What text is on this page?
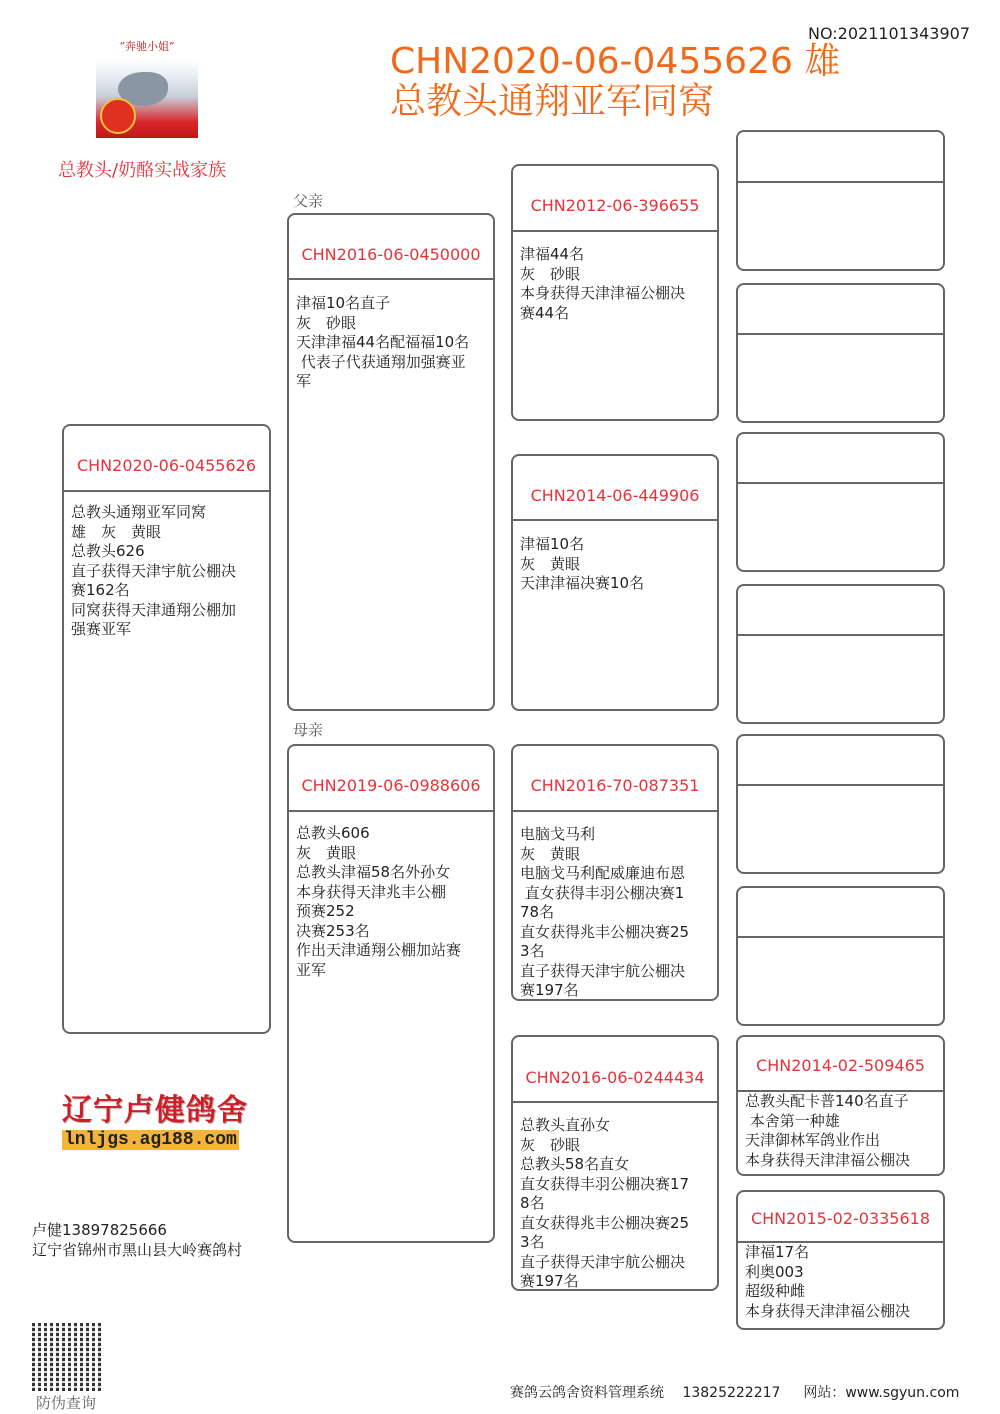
NO:2021101343907
CHN2020-06-0455626 雄
总教头通翔亚军同窝
“奔驰小姐”
总教头/奶酪实战家族
父亲
母亲
CHN2020-06-0455626
总教头通翔亚军同窝
雄　灰　黄眼
总教头626
直子获得天津宇航公棚决
赛162名
同窝获得天津通翔公棚加
强赛亚军
CHN2016-06-0450000
津福10名直子
灰　砂眼
天津津福44名配福福10名
代表子代获通翔加强赛亚
军
CHN2019-06-0988606
总教头606
灰　黄眼
总教头津福58名外孙女
本身获得天津兆丰公棚
预赛252
决赛253名
作出天津通翔公棚加站赛
亚军
CHN2012-06-396655
津福44名
灰　砂眼
本身获得天津津福公棚决
赛44名
CHN2014-06-449906
津福10名
灰　黄眼
天津津福决赛10名
CHN2016-70-087351
电脑戈马利
灰　黄眼
电脑戈马利配威廉迪布恩
直女获得丰羽公棚决赛1
78名
直女获得兆丰公棚决赛25
3名
直子获得天津宇航公棚决
赛197名
CHN2016-06-0244434
总教头直孙女
灰　砂眼
总教头58名直女
直女获得丰羽公棚决赛17
8名
直女获得兆丰公棚决赛25
3名
直子获得天津宇航公棚决
赛197名
CHN2014-02-509465
总教头配卡普140名直子
本舍第一种雄
天津御林军鸽业作出
本身获得天津津福公棚决
CHN2015-02-0335618
津福17名
利奥003
超级种雌
本身获得天津津福公棚决
辽宁卢健鸽舍
lnljgs.ag188.com
卢健13897825666
辽宁省锦州市黑山县大岭赛鸽村
防伪查询
赛鸽云鸽舍资料管理系统　 13825222217 　 网站：www.sgyun.com
